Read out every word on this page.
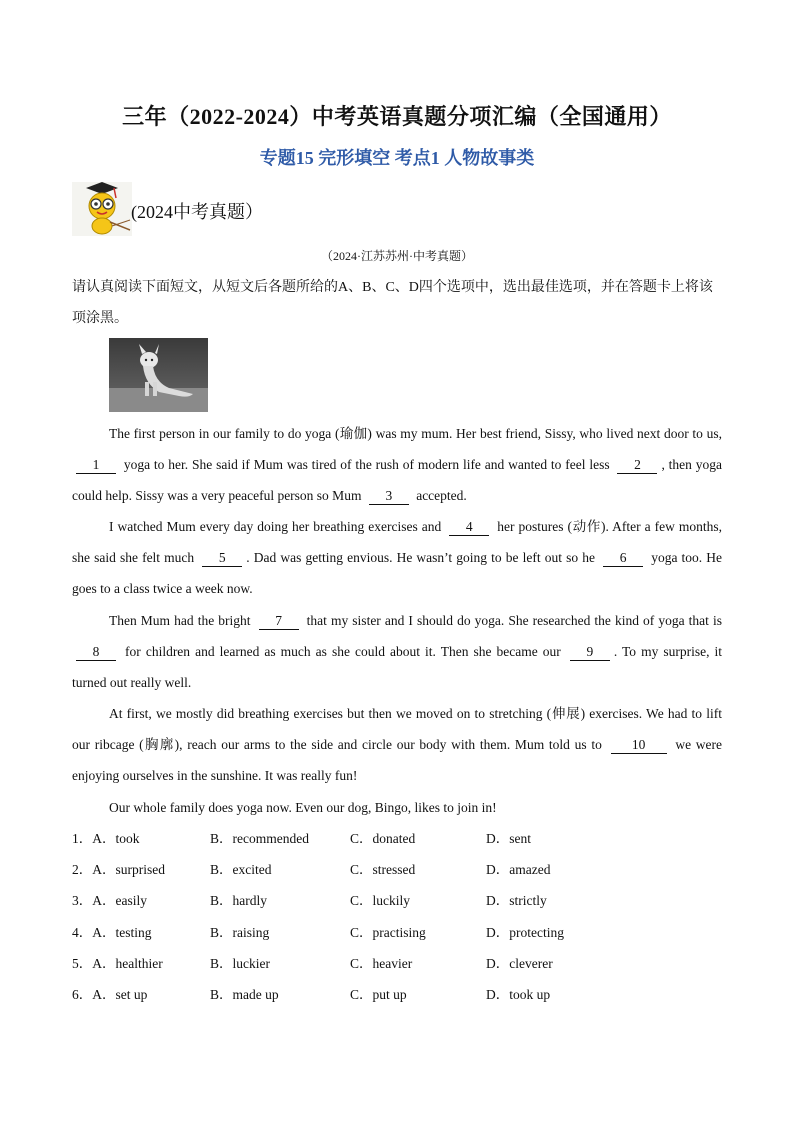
三年（2022-2024）中考英语真题分项汇编（全国通用）
专题15 完形填空 考点1 人物故事类
(2024中考真题）
（2024·江苏苏州·中考真题）
请认真阅读下面短文，从短文后各题所给的A、B、C、D四个选项中，选出最佳选项，并在答题卡上将该项涂黑。
The first person in our family to do yoga (瑜伽) was my mum. Her best friend, Sissy, who lived next door to us, 1 yoga to her. She said if Mum was tired of the rush of modern life and wanted to feel less 2 , then yoga could help. Sissy was a very peaceful person so Mum 3 accepted.
I watched Mum every day doing her breathing exercises and 4 her postures (动作). After a few months, she said she felt much 5 . Dad was getting envious. He wasn’t going to be left out so he 6 yoga too. He goes to a class twice a week now.
Then Mum had the bright 7 that my sister and I should do yoga. She researched the kind of yoga that is 8 for children and learned as much as she could about it. Then she became our 9 . To my surprise, it turned out really well.
At first, we mostly did breathing exercises but then we moved on to stretching (伸展) exercises. We had to lift our ribcage (胸廓), reach our arms to the side and circle our body with them. Mum told us to 10 we were enjoying ourselves in the sunshine. It was really fun!
Our whole family does yoga now. Even our dog, Bingo, likes to join in!
1．A．took	B．recommended	C．donated	D．sent
2．A．surprised	B．excited	C．stressed	D．amazed
3．A．easily	B．hardly	C．luckily	D．strictly
4．A．testing	B．raising	C．practising	D．protecting
5．A．healthier	B．luckier	C．heavier	D．cleverer
6．A．set up	B．made up	C．put up	D．took up
